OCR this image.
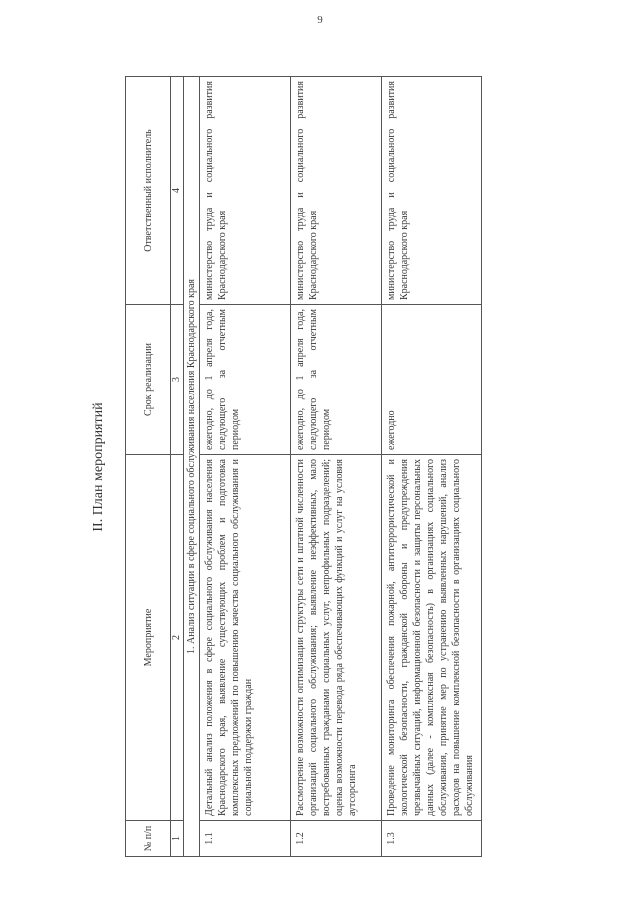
9
II. План мероприятий
№ п/п	Мероприятие	Срок реализации	Ответственный исполнитель
1	2	3	4
1. Анализ ситуации в сфере социального обслуживания населения Краснодарского края			
1.1	Детальный анализ положения в сфере социального обслуживания населения Краснодарского края, выявление существующих проблем и подготовка комплексных предложений по повышению качества социального обслуживания и социальной поддержки граждан	ежегодно, до 1 апреля года, следующего за отчетным периодом	министерство труда и социального развития Краснодарского края
1.2	Рассмотрение возможности оптимизации структуры сети и штатной численности организаций социального обслуживания; выявление неэффективных, мало востребованных гражданами социальных услуг, непрофильных подразделений; оценка возможности перевода ряда обеспечивающих функций и услуг на условия аутсорсинга	ежегодно, до 1 апреля года, следующего за отчетным периодом	министерство труда и социального развития Краснодарского края
1.3	Проведение мониторинга обеспечения пожарной, антитеррористической и экологической безопасности, гражданской обороны и предупреждения чрезвычайных ситуаций, информационной безопасности и защиты персональных данных (далее - комплексная безопасность) в организациях социального обслуживания, принятие мер по устранению выявленных нарушений, анализ расходов на повышение комплексной безопасности в организациях социального обслуживания	ежегодно	министерство труда и социального развития Краснодарского края
